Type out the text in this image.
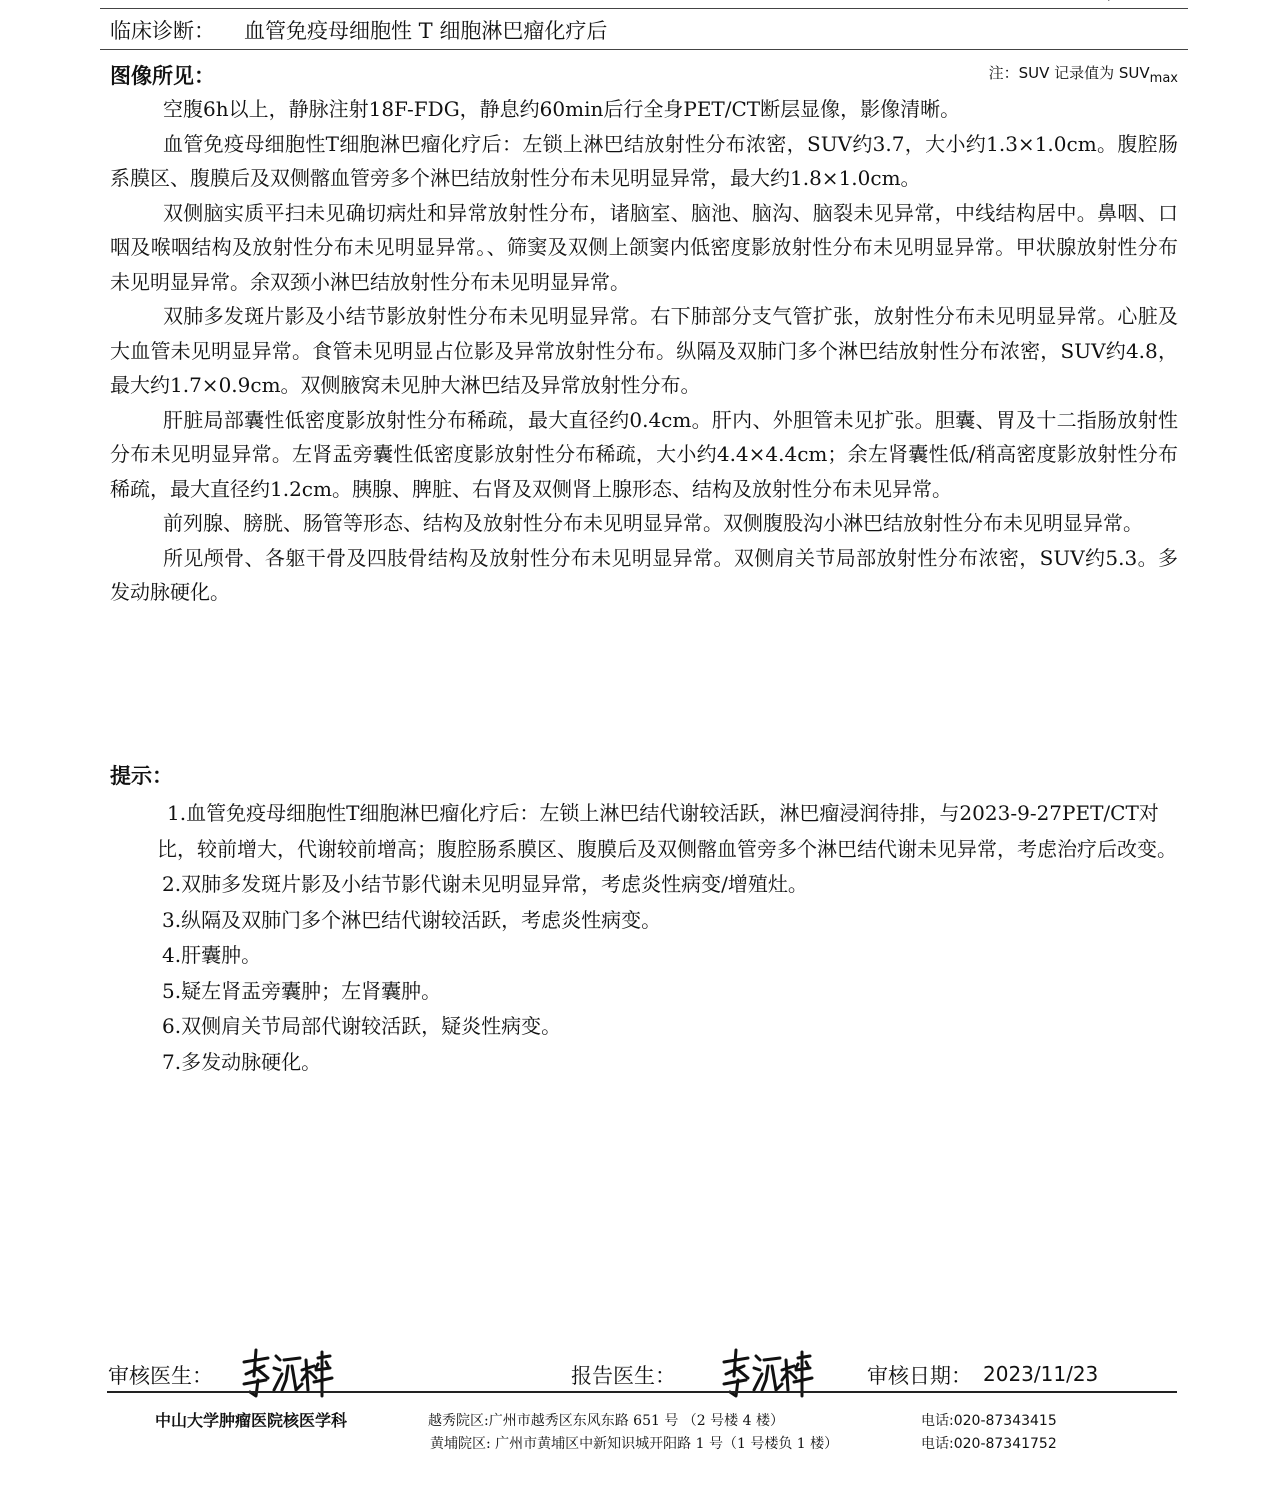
临床诊断： 血管免疫母细胞性 T 细胞淋巴瘤化疗后
图像所见：	注：SUV 记录值为 $SUV_{max}$

空腹6h以上，静脉注射18F-FDG，静息约60min后行全身PET/CT断层显像，影像清晰。

血管免疫母细胞性T细胞淋巴瘤化疗后：左锁上淋巴结放射性分布浓密，SUV约3.7，大小约1.3×1.0cm。腹腔肠系膜区、腹膜后及双侧髂血管旁多个淋巴结放射性分布未见明显异常，最大约1.8×1.0cm。

双侧脑实质平扫未见确切病灶和异常放射性分布，诸脑室、脑池、脑沟、脑裂未见异常，中线结构居中。鼻咽、口咽及喉咽结构及放射性分布未见明显异常。、筛窦及双侧上颌窦内低密度影放射性分布未见明显异常。甲状腺放射性分布未见明显异常。余双颈小淋巴结放射性分布未见明显异常。

双肺多发斑片影及小结节影放射性分布未见明显异常。右下肺部分支气管扩张，放射性分布未见明显异常。心脏及大血管未见明显异常。食管未见明显占位影及异常放射性分布。纵隔及双肺门多个淋巴结放射性分布浓密，SUV约4.8，最大约1.7×0.9cm。双侧腋窝未见肿大淋巴结及异常放射性分布。

肝脏局部囊性低密度影放射性分布稀疏，最大直径约0.4cm。肝内、外胆管未见扩张。胆囊、胃及十二指肠放射性分布未见明显异常。左肾盂旁囊性低密度影放射性分布稀疏，大小约4.4×4.4cm；余左肾囊性低/稍高密度影放射性分布稀疏，最大直径约1.2cm。胰腺、脾脏、右肾及双侧肾上腺形态、结构及放射性分布未见异常。

前列腺、膀胱、肠管等形态、结构及放射性分布未见明显异常。双侧腹股沟小淋巴结放射性分布未见明显异常。

所见颅骨、各躯干骨及四肢骨结构及放射性分布未见明显异常。双侧肩关节局部放射性分布浓密，SUV约5.3。多发动脉硬化。

提示：
1.血管免疫母细胞性T细胞淋巴瘤化疗后：左锁上淋巴结代谢较活跃，淋巴瘤浸润待排，与2023-9-27PET/CT对比，较前增大，代谢较前增高；腹腔肠系膜区、腹膜后及双侧髂血管旁多个淋巴结代谢未见异常，考虑治疗后改变。
2.双肺多发斑片影及小结节影代谢未见明显异常，考虑炎性病变/增殖灶。
3.纵隔及双肺门多个淋巴结代谢较活跃，考虑炎性病变。
4.肝囊肿。
5.疑左肾盂旁囊肿；左肾囊肿。
6.双侧肩关节局部代谢较活跃，疑炎性病变。
7.多发动脉硬化。
审核医生：	报告医生：	审核日期： 2023/11/23
中山大学肿瘤医院核医学科	越秀院区:广州市越秀区东风东路 651 号 （2 号楼 4 楼）	电话:020-87343415
黄埔院区: 广州市黄埔区中新知识城开阳路 1 号（1 号楼负 1 楼）	电话:020-87341752
